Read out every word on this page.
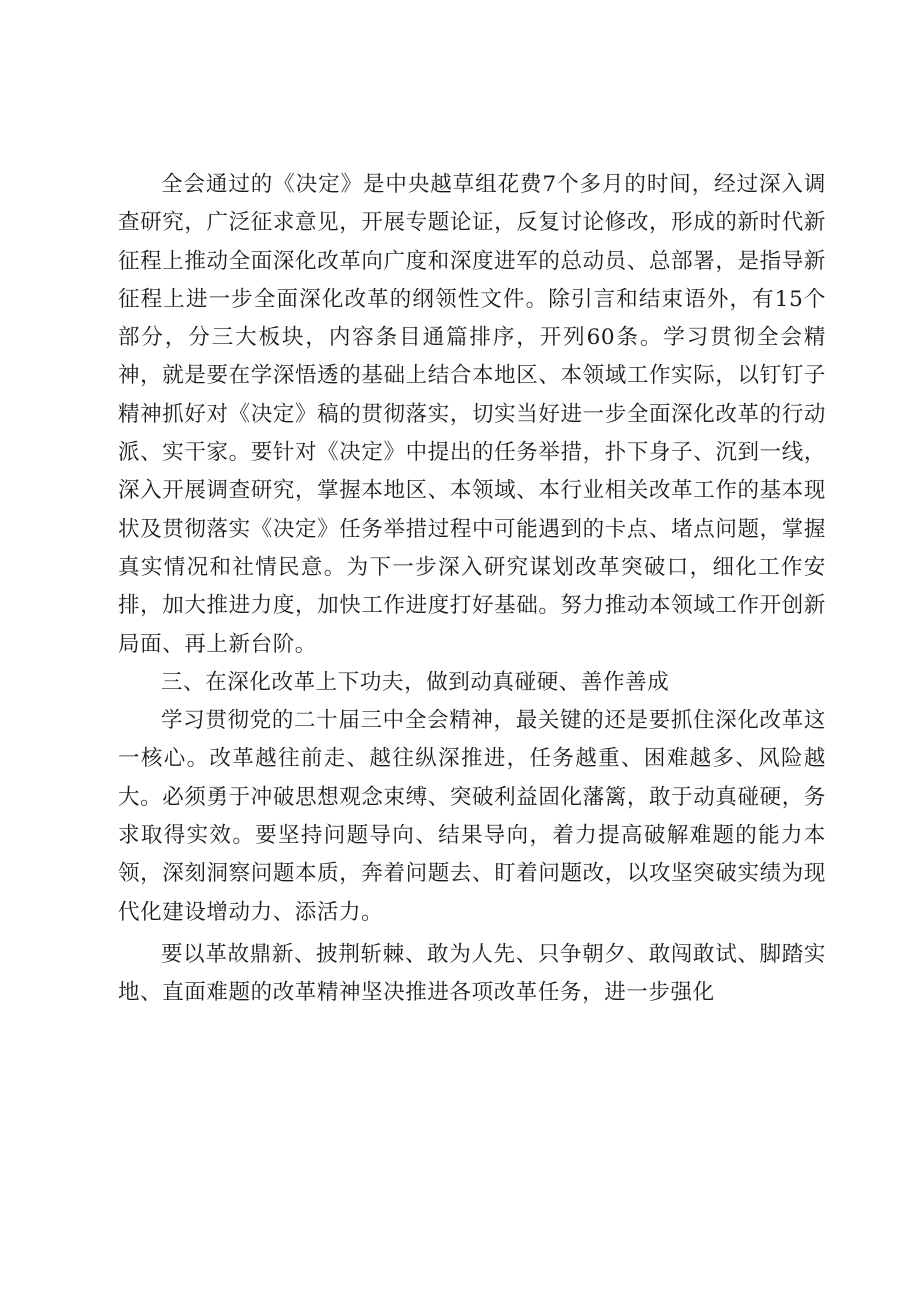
全会通过的《决定》是中央越草组花费7个多月的时间，经过深入调查研究，广泛征求意见，开展专题论证，反复讨论修改，形成的新时代新征程上推动全面深化改革向广度和深度进军的总动员、总部署，是指导新征程上进一步全面深化改革的纲领性文件。除引言和结束语外，有15个部分，分三大板块，内容条目通篇排序，开列60条。学习贯彻全会精神，就是要在学深悟透的基础上结合本地区、本领域工作实际，以钉钉子精神抓好对《决定》稿的贯彻落实，切实当好进一步全面深化改革的行动派、实干家。要针对《决定》中提出的任务举措，扑下身子、沉到一线，深入开展调查研究，掌握本地区、本领域、本行业相关改革工作的基本现状及贯彻落实《决定》任务举措过程中可能遇到的卡点、堵点问题，掌握真实情况和社情民意。为下一步深入研究谋划改革突破口，细化工作安排，加大推进力度，加快工作进度打好基础。努力推动本领域工作开创新局面、再上新台阶。

三、在深化改革上下功夫，做到动真碰硬、善作善成

学习贯彻党的二十届三中全会精神，最关键的还是要抓住深化改革这一核心。改革越往前走、越往纵深推进，任务越重、困难越多、风险越大。必须勇于冲破思想观念束缚、突破利益固化藩篱，敢于动真碰硬，务求取得实效。要坚持问题导向、结果导向，着力提高破解难题的能力本领，深刻洞察问题本质，奔着问题去、盯着问题改，以攻坚突破实绩为现代化建设增动力、添活力。

要以革故鼎新、披荆斩棘、敢为人先、只争朝夕、敢闯敢试、脚踏实地、直面难题的改革精神坚决推进各项改革任务，进一步强化
